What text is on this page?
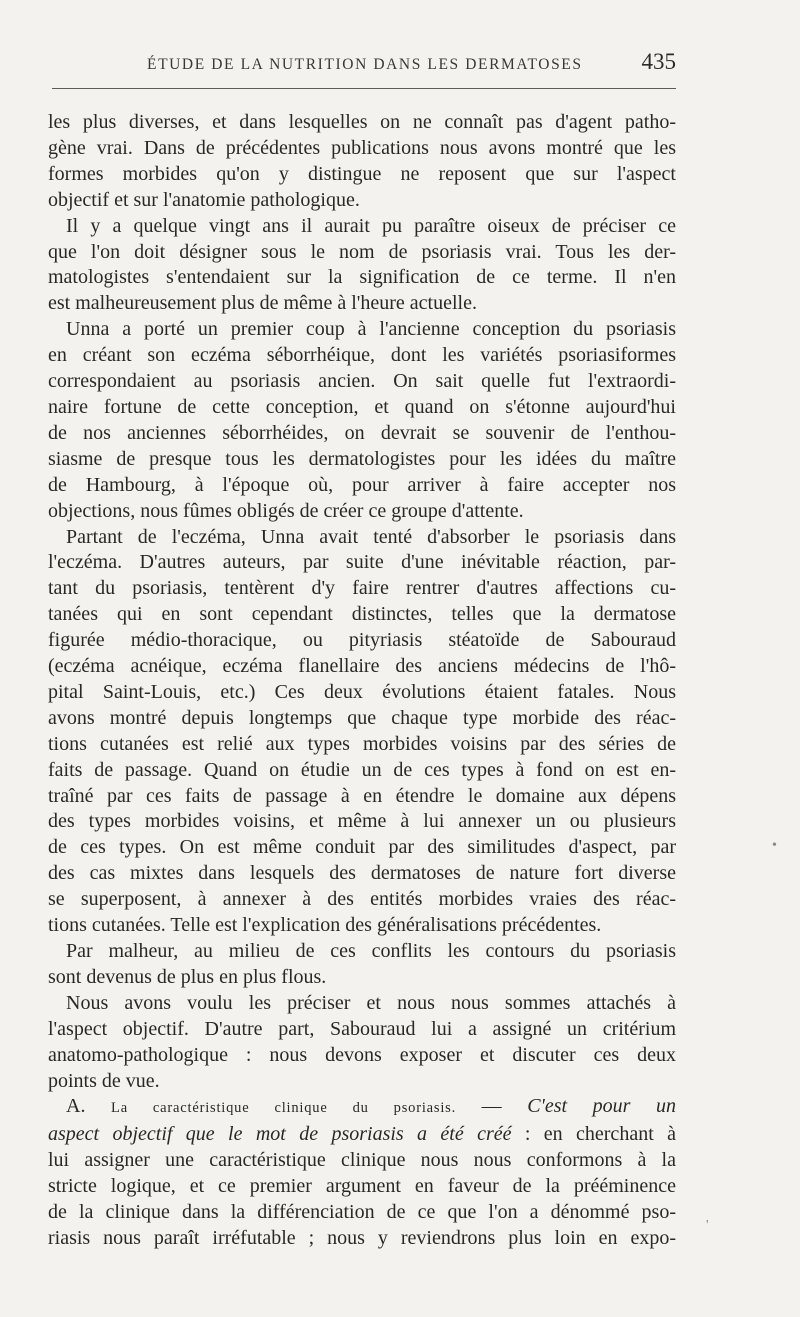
ÉTUDE DE LA NUTRITION DANS LES DERMATOSES	435
les plus diverses, et dans lesquelles on ne connaît pas d'agent patho-
gène vrai. Dans de précédentes publications nous avons montré que les
formes morbides qu'on y distingue ne reposent que sur l'aspect
objectif et sur l'anatomie pathologique.
Il y a quelque vingt ans il aurait pu paraître oiseux de préciser ce
que l'on doit désigner sous le nom de psoriasis vrai. Tous les der-
matologistes s'entendaient sur la signification de ce terme. Il n'en
est malheureusement plus de même à l'heure actuelle.
Unna a porté un premier coup à l'ancienne conception du psoriasis
en créant son eczéma séborrhéique, dont les variétés psoriasiformes
correspondaient au psoriasis ancien. On sait quelle fut l'extraordi-
naire fortune de cette conception, et quand on s'étonne aujourd'hui
de nos anciennes séborrhéides, on devrait se souvenir de l'enthou-
siasme de presque tous les dermatologistes pour les idées du maître
de Hambourg, à l'époque où, pour arriver à faire accepter nos
objections, nous fûmes obligés de créer ce groupe d'attente.
Partant de l'eczéma, Unna avait tenté d'absorber le psoriasis dans
l'eczéma. D'autres auteurs, par suite d'une inévitable réaction, par-
tant du psoriasis, tentèrent d'y faire rentrer d'autres affections cu-
tanées qui en sont cependant distinctes, telles que la dermatose
figurée médio-thoracique, ou pityriasis stéatoïde de Sabouraud
(eczéma acnéique, eczéma flanellaire des anciens médecins de l'hô-
pital Saint-Louis, etc.) Ces deux évolutions étaient fatales. Nous
avons montré depuis longtemps que chaque type morbide des réac-
tions cutanées est relié aux types morbides voisins par des séries de
faits de passage. Quand on étudie un de ces types à fond on est en-
traîné par ces faits de passage à en étendre le domaine aux dépens
des types morbides voisins, et même à lui annexer un ou plusieurs
de ces types. On est même conduit par des similitudes d'aspect, par
des cas mixtes dans lesquels des dermatoses de nature fort diverse
se superposent, à annexer à des entités morbides vraies des réac-
tions cutanées. Telle est l'explication des généralisations précédentes.
Par malheur, au milieu de ces conflits les contours du psoriasis
sont devenus de plus en plus flous.
Nous avons voulu les préciser et nous nous sommes attachés à
l'aspect objectif. D'autre part, Sabouraud lui a assigné un critérium
anatomo-pathologique : nous devons exposer et discuter ces deux
points de vue.
A. La caractéristique clinique du psoriasis. — C'est pour un
aspect objectif que le mot de psoriasis a été créé : en cherchant à
lui assigner une caractéristique clinique nous nous conformons à la
stricte logique, et ce premier argument en faveur de la prééminence
de la clinique dans la différenciation de ce que l'on a dénommé pso-
riasis nous paraît irréfutable ; nous y reviendrons plus loin en expo-
•
'
